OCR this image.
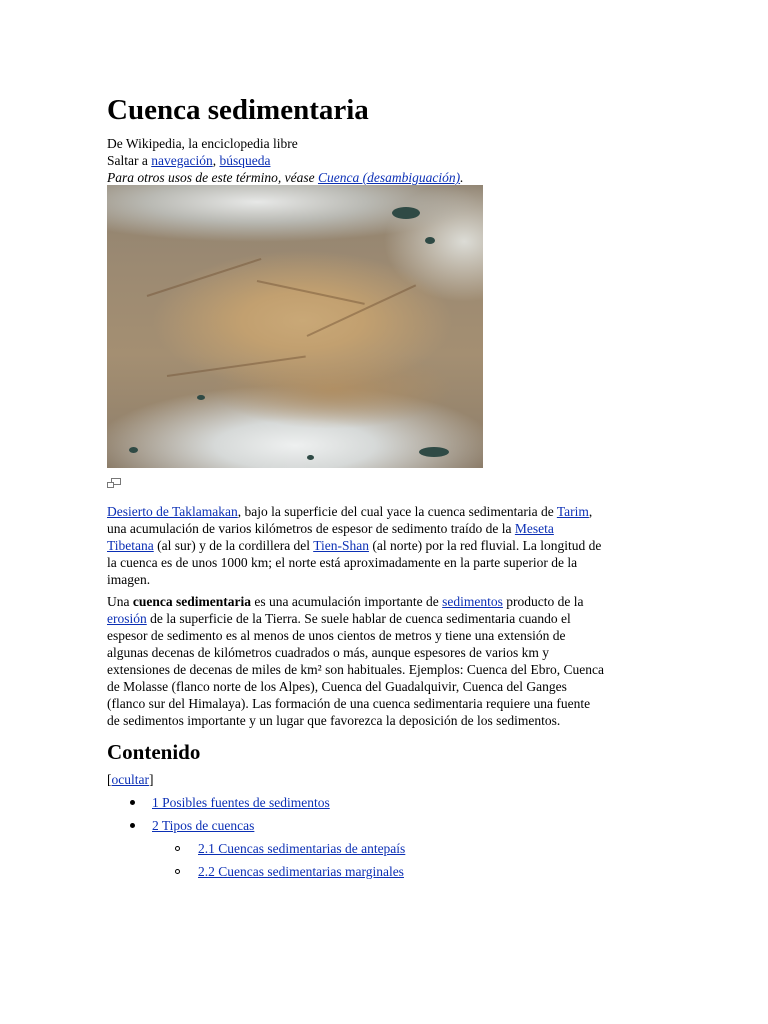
Cuenca sedimentaria
De Wikipedia, la enciclopedia libre
Saltar a navegación, búsqueda
Para otros usos de este término, véase Cuenca (desambiguación).
Desierto de Taklamakan, bajo la superficie del cual yace la cuenca sedimentaria de Tarim,
una acumulación de varios kilómetros de espesor de sedimento traído de la Meseta
Tibetana (al sur) y de la cordillera del Tien-Shan (al norte) por la red fluvial. La longitud de
la cuenca es de unos 1000 km; el norte está aproximadamente en la parte superior de la
imagen.
Una cuenca sedimentaria es una acumulación importante de sedimentos producto de la
erosión de la superficie de la Tierra. Se suele hablar de cuenca sedimentaria cuando el
espesor de sedimento es al menos de unos cientos de metros y tiene una extensión de
algunas decenas de kilómetros cuadrados o más, aunque espesores de varios km y
extensiones de decenas de miles de km² son habituales. Ejemplos: Cuenca del Ebro, Cuenca
de Molasse (flanco norte de los Alpes), Cuenca del Guadalquivir, Cuenca del Ganges
(flanco sur del Himalaya). Las formación de una cuenca sedimentaria requiere una fuente
de sedimentos importante y un lugar que favorezca la deposición de los sedimentos.
Contenido
[ocultar]
1 Posibles fuentes de sedimentos
2 Tipos de cuencas
2.1 Cuencas sedimentarias de antepaís
2.2 Cuencas sedimentarias marginales
